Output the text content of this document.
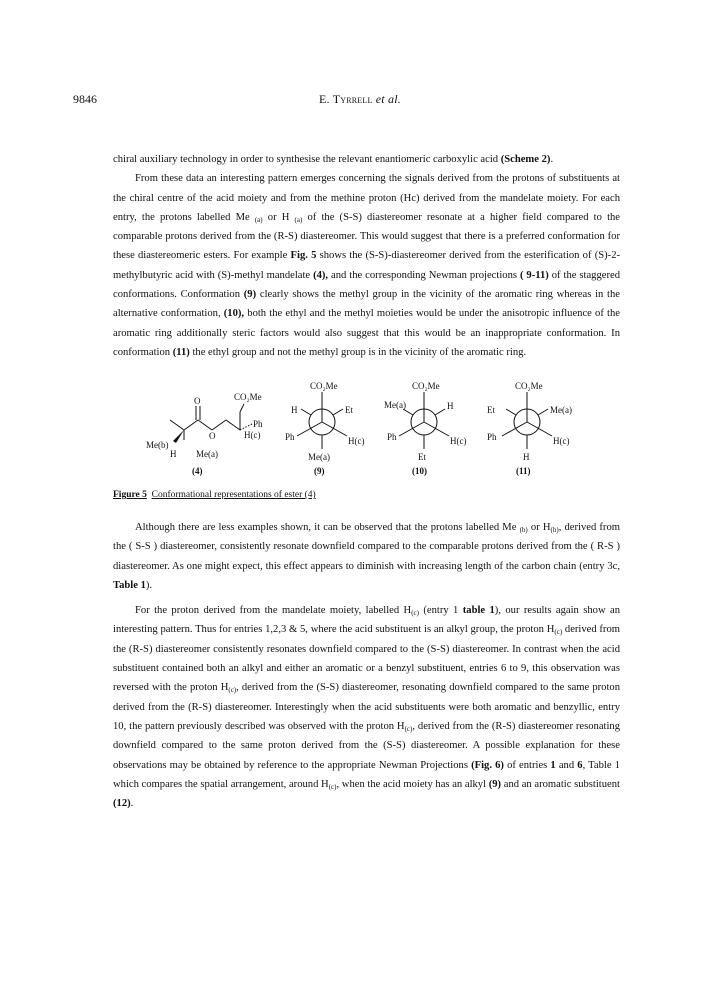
9846	E. Tyrrell et al.

chiral auxiliary technology in order to synthesise the relevant enantiomeric carboxylic acid (Scheme 2).

From these data an interesting pattern emerges concerning the signals derived from the protons of substituents at the chiral centre of the acid moiety and from the methine proton (Hc) derived from the mandelate moiety. For each entry, the protons labelled Me $_{(a)}$ or H $_{(a)}$ of the (S-S) diastereomer resonate at a higher field compared to the comparable protons derived from the (R-S) diastereomer. This would suggest that there is a preferred conformation for these diastereomeric esters. For example Fig. 5 shows the (S-S)-diastereomer derived from the esterification of (S)-2-methylbutyric acid with (S)-methyl mandelate (4), and the corresponding Newman projections ( 9-11) of the staggered conformations. Conformation (9) clearly shows the methyl group in the vicinity of the aromatic ring whereas in the alternative conformation, (10), both the ethyl and the methyl moieties would be under the anisotropic influence of the aromatic ring additionally steric factors would also suggest that this would be an inappropriate conformation. In conformation (11) the ethyl group and not the methyl group is in the vicinity of the aromatic ring.

CO₂Me
O
Ph
H(c)
O
Me(b)
H Me(a)
(4)
CO₂Me
H	Et
Ph	H(c)
Me(a)
(9)
CO₂Me
Me(a)	H
Ph	H(c)
Et
(10)
CO₂Me
Et	Me(a)
Ph	H(c)
H
(11)
Figure 5 Conformational representations of ester (4)

Although there are less examples shown, it can be observed that the protons labelled Me $_{(b)}$ or $H_{(b)}$, derived from the ( S-S ) diastereomer, consistently resonate downfield compared to the comparable protons derived from the ( R-S ) diastereomer. As one might expect, this effect appears to diminish with increasing length of the carbon chain (entry 3c, Table 1).

For the proton derived from the mandelate moiety, labelled $H_{(c)}$ (entry 1 table 1), our results again show an interesting pattern. Thus for entries 1,2,3 & 5, where the acid substituent is an alkyl group, the proton $H_{(c)}$ derived from the (R-S) diastereomer consistently resonates downfield compared to the (S-S) diastereomer. In contrast when the acid substituent contained both an alkyl and either an aromatic or a benzyl substituent, entries 6 to 9, this observation was reversed with the proton $H_{(c)}$, derived from the (S-S) diastereomer, resonating downfield compared to the same proton derived from the (R-S) diastereomer. Interestingly when the acid substituents were both aromatic and benzyllic, entry 10, the pattern previously described was observed with the proton $H_{(c)}$, derived from the (R-S) diastereomer resonating downfield compared to the same proton derived from the (S-S) diastereomer. A possible explanation for these observations may be obtained by reference to the appropriate Newman Projections (Fig. 6) of entries 1 and 6, Table 1 which compares the spatial arrangement, around $H_{(c)}$, when the acid moiety has an alkyl (9) and an aromatic substituent (12).
